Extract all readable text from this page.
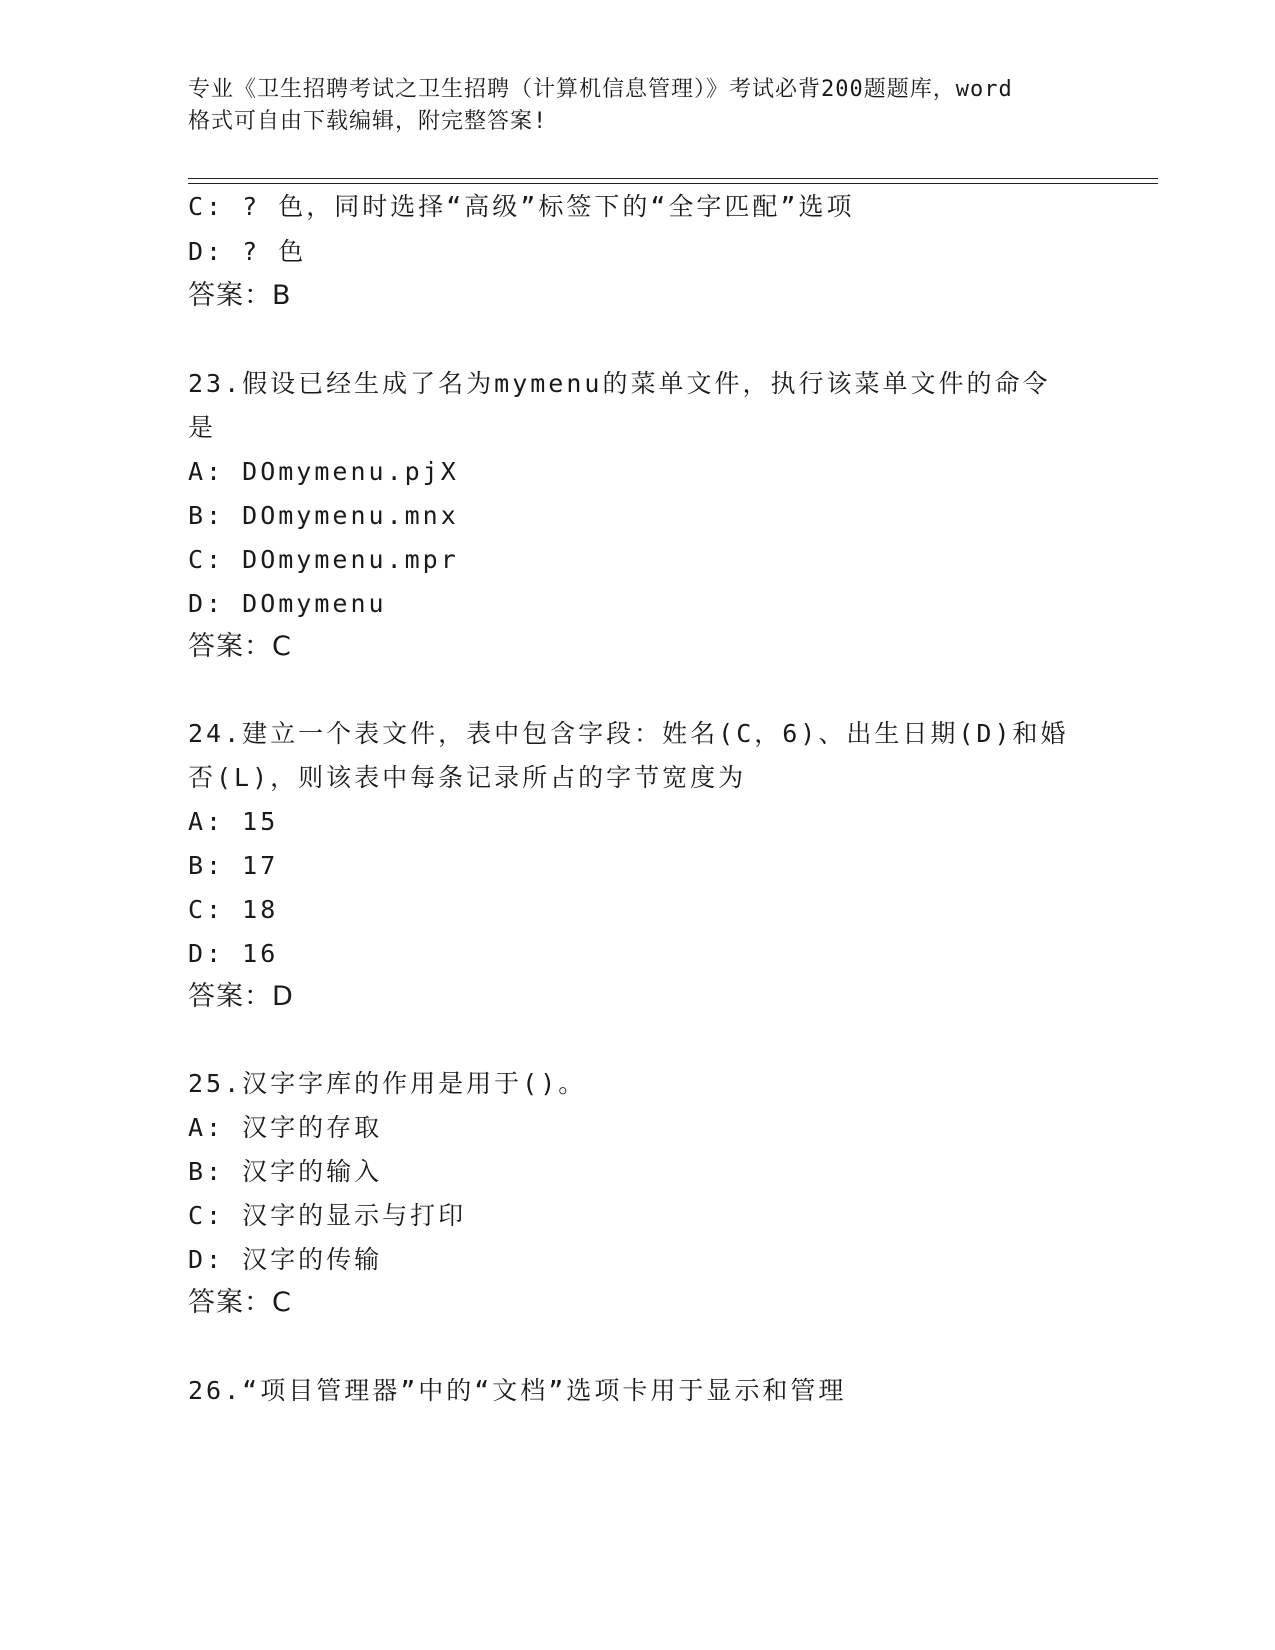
专业《卫生招聘考试之卫生招聘（计算机信息管理）》考试必背200题题库，word
格式可自由下载编辑，附完整答案!
C: ? 色，同时选择“高级”标签下的“全字匹配”选项
D: ? 色
答案：B
23.假设已经生成了名为mymenu的菜单文件，执行该菜单文件的命令
是
A: DOmymenu.pjX
B: DOmymenu.mnx
C: DOmymenu.mpr
D: DOmymenu
答案：C
24.建立一个表文件，表中包含字段：姓名(C，6)、出生日期(D)和婚
否(L)，则该表中每条记录所占的字节宽度为
A: 15
B: 17
C: 18
D: 16
答案：D
25.汉字字库的作用是用于()。
A: 汉字的存取
B: 汉字的输入
C: 汉字的显示与打印
D: 汉字的传输
答案：C
26.“项目管理器”中的“文档”选项卡用于显示和管理
